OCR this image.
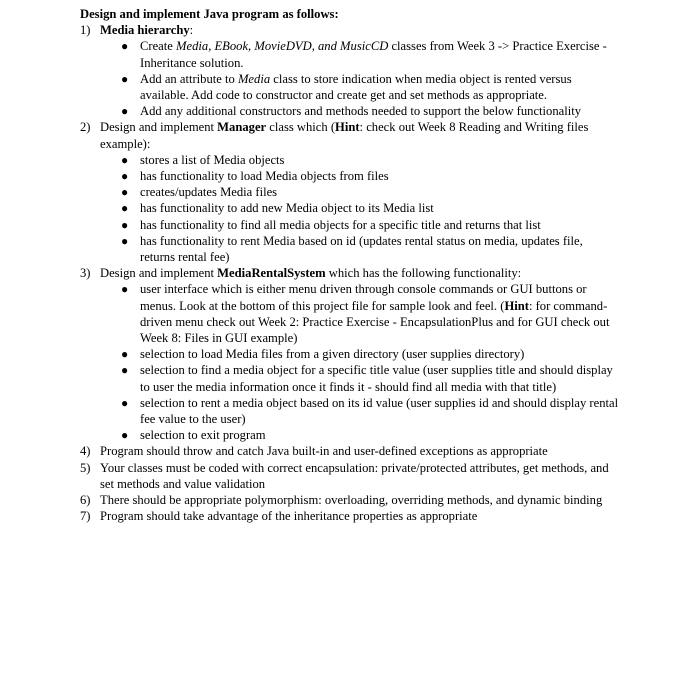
Design and implement Java program as follows:

1) Media hierarchy:
● Create Media, EBook, MovieDVD, and MusicCD classes from Week 3 -> Practice Exercise - Inheritance solution.
● Add an attribute to Media class to store indication when media object is rented versus available. Add code to constructor and create get and set methods as appropriate.
● Add any additional constructors and methods needed to support the below functionality
2) Design and implement Manager class which (Hint: check out Week 8 Reading and Writing files example):
● stores a list of Media objects
● has functionality to load Media objects from files
● creates/updates Media files
● has functionality to add new Media object to its Media list
● has functionality to find all media objects for a specific title and returns that list
● has functionality to rent Media based on id (updates rental status on media, updates file, returns rental fee)
3) Design and implement MediaRentalSystem which has the following functionality:
● user interface which is either menu driven through console commands or GUI buttons or menus. Look at the bottom of this project file for sample look and feel. (Hint: for command-driven menu check out Week 2: Practice Exercise - EncapsulationPlus and for GUI check out Week 8: Files in GUI example)
● selection to load Media files from a given directory (user supplies directory)
● selection to find a media object for a specific title value (user supplies title and should display to user the media information once it finds it - should find all media with that title)
● selection to rent a media object based on its id value (user supplies id and should display rental fee value to the user)
● selection to exit program
4) Program should throw and catch Java built-in and user-defined exceptions as appropriate
5) Your classes must be coded with correct encapsulation: private/protected attributes, get methods, and set methods and value validation
6) There should be appropriate polymorphism: overloading, overriding methods, and dynamic binding
7) Program should take advantage of the inheritance properties as appropriate
